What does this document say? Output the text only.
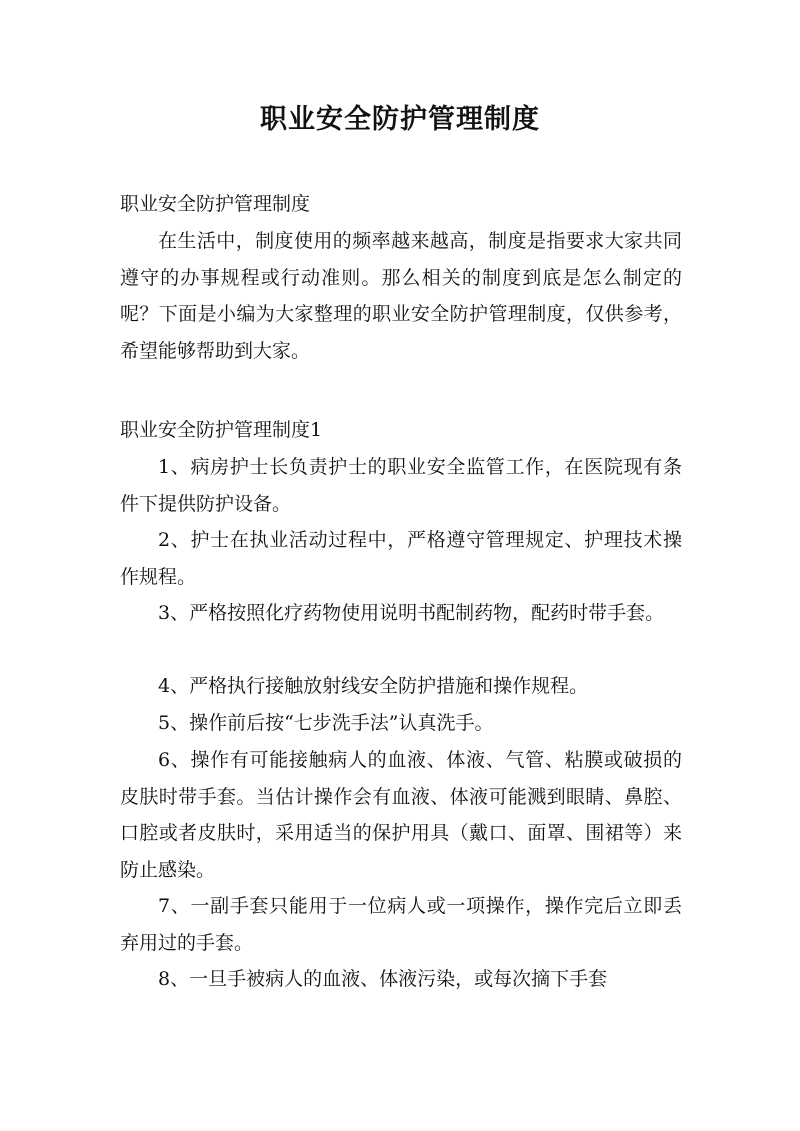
职业安全防护管理制度

职业安全防护管理制度

在生活中，制度使用的频率越来越高，制度是指要求大家共同遵守的办事规程或行动准则。那么相关的制度到底是怎么制定的呢？下面是小编为大家整理的职业安全防护管理制度，仅供参考，希望能够帮助到大家。

职业安全防护管理制度1

1、病房护士长负责护士的职业安全监管工作，在医院现有条件下提供防护设备。

2、护士在执业活动过程中，严格遵守管理规定、护理技术操作规程。

3、严格按照化疗药物使用说明书配制药物，配药时带手套。

4、严格执行接触放射线安全防护措施和操作规程。

5、操作前后按“七步洗手法”认真洗手。

6、操作有可能接触病人的血液、体液、气管、粘膜或破损的皮肤时带手套。当估计操作会有血液、体液可能溅到眼睛、鼻腔、口腔或者皮肤时，采用适当的保护用具（戴口、面罩、围裙等）来防止感染。

7、一副手套只能用于一位病人或一项操作，操作完后立即丢弃用过的手套。

8、一旦手被病人的血液、体液污染，或每次摘下手套
